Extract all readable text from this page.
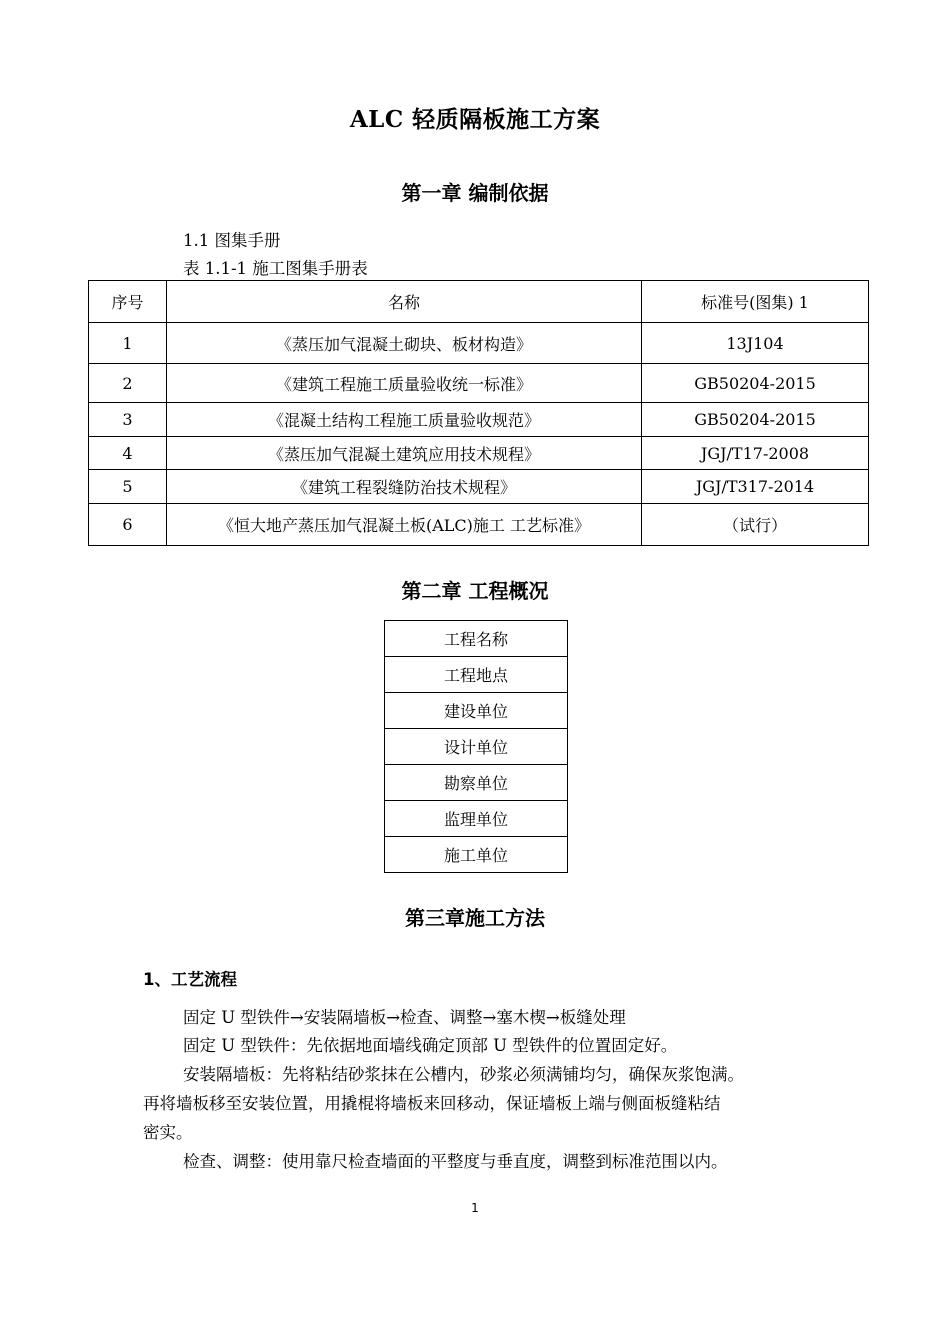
ALC 轻质隔板施工方案
第一章 编制依据
1.1 图集手册
表 1.1-1 施工图集手册表
序号	名称	标准号(图集) 1
1	《蒸压加气混凝土砌块、板材构造》	13J104
2	《建筑工程施工质量验收统一标准》	GB50204-2015
3	《混凝土结构工程施工质量验收规范》	GB50204-2015
4	《蒸压加气混凝土建筑应用技术规程》	JGJ/T17-2008
5	《建筑工程裂缝防治技术规程》	JGJ/T317-2014
6	《恒大地产蒸压加气混凝土板(ALC)施工 工艺标准》	（试行）
第二章 工程概况
工程名称
工程地点
建设单位
设计单位
勘察单位
监理单位
施工单位
第三章施工方法
1、工艺流程
固定 U 型铁件→安装隔墙板→检查、调整→塞木楔→板缝处理
固定 U 型铁件：先依据地面墙线确定顶部 U 型铁件的位置固定好。
安装隔墙板：先将粘结砂浆抹在公槽内，砂浆必须满铺均匀，确保灰浆饱满。
再将墙板移至安装位置，用撬棍将墙板来回移动，保证墙板上端与侧面板缝粘结
密实。
检查、调整：使用靠尺检查墙面的平整度与垂直度，调整到标准范围以内。
1
